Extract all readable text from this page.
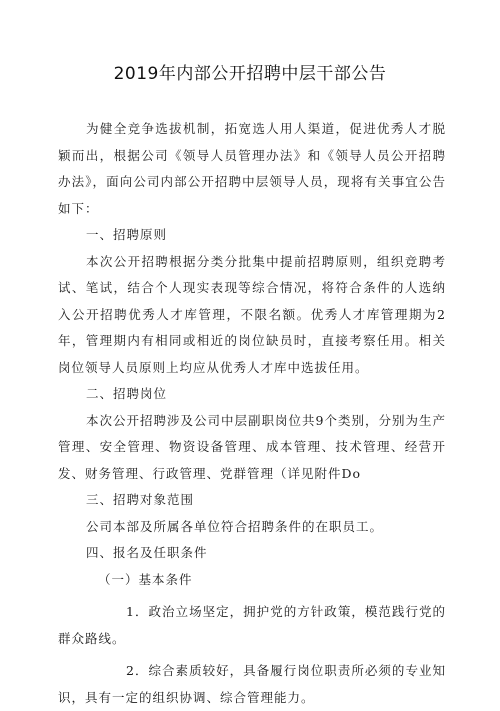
2019年内部公开招聘中层干部公告

为健全竞争选拔机制，拓宽选人用人渠道，促进优秀人才脱颖而出，根据公司《领导人员管理办法》和《领导人员公开招聘办法》，面向公司内部公开招聘中层领导人员，现将有关事宜公告如下：

一、招聘原则

本次公开招聘根据分类分批集中提前招聘原则，组织竞聘考试、笔试，结合个人现实表现等综合情况，将符合条件的人选纳入公开招聘优秀人才库管理，不限名额。优秀人才库管理期为2年，管理期内有相同或相近的岗位缺员时，直接考察任用。相关岗位领导人员原则上均应从优秀人才库中选拔任用。

二、招聘岗位

本次公开招聘涉及公司中层副职岗位共9个类别，分别为生产管理、安全管理、物资设备管理、成本管理、技术管理、经营开发、财务管理、行政管理、党群管理（详见附件Do

三、招聘对象范围

公司本部及所属各单位符合招聘条件的在职员工。

四、报名及任职条件

（一）基本条件

1．政治立场坚定，拥护党的方针政策，模范践行党的群众路线。

2．综合素质较好，具备履行岗位职责所必须的专业知识，具有一定的组织协调、综合管理能力。
